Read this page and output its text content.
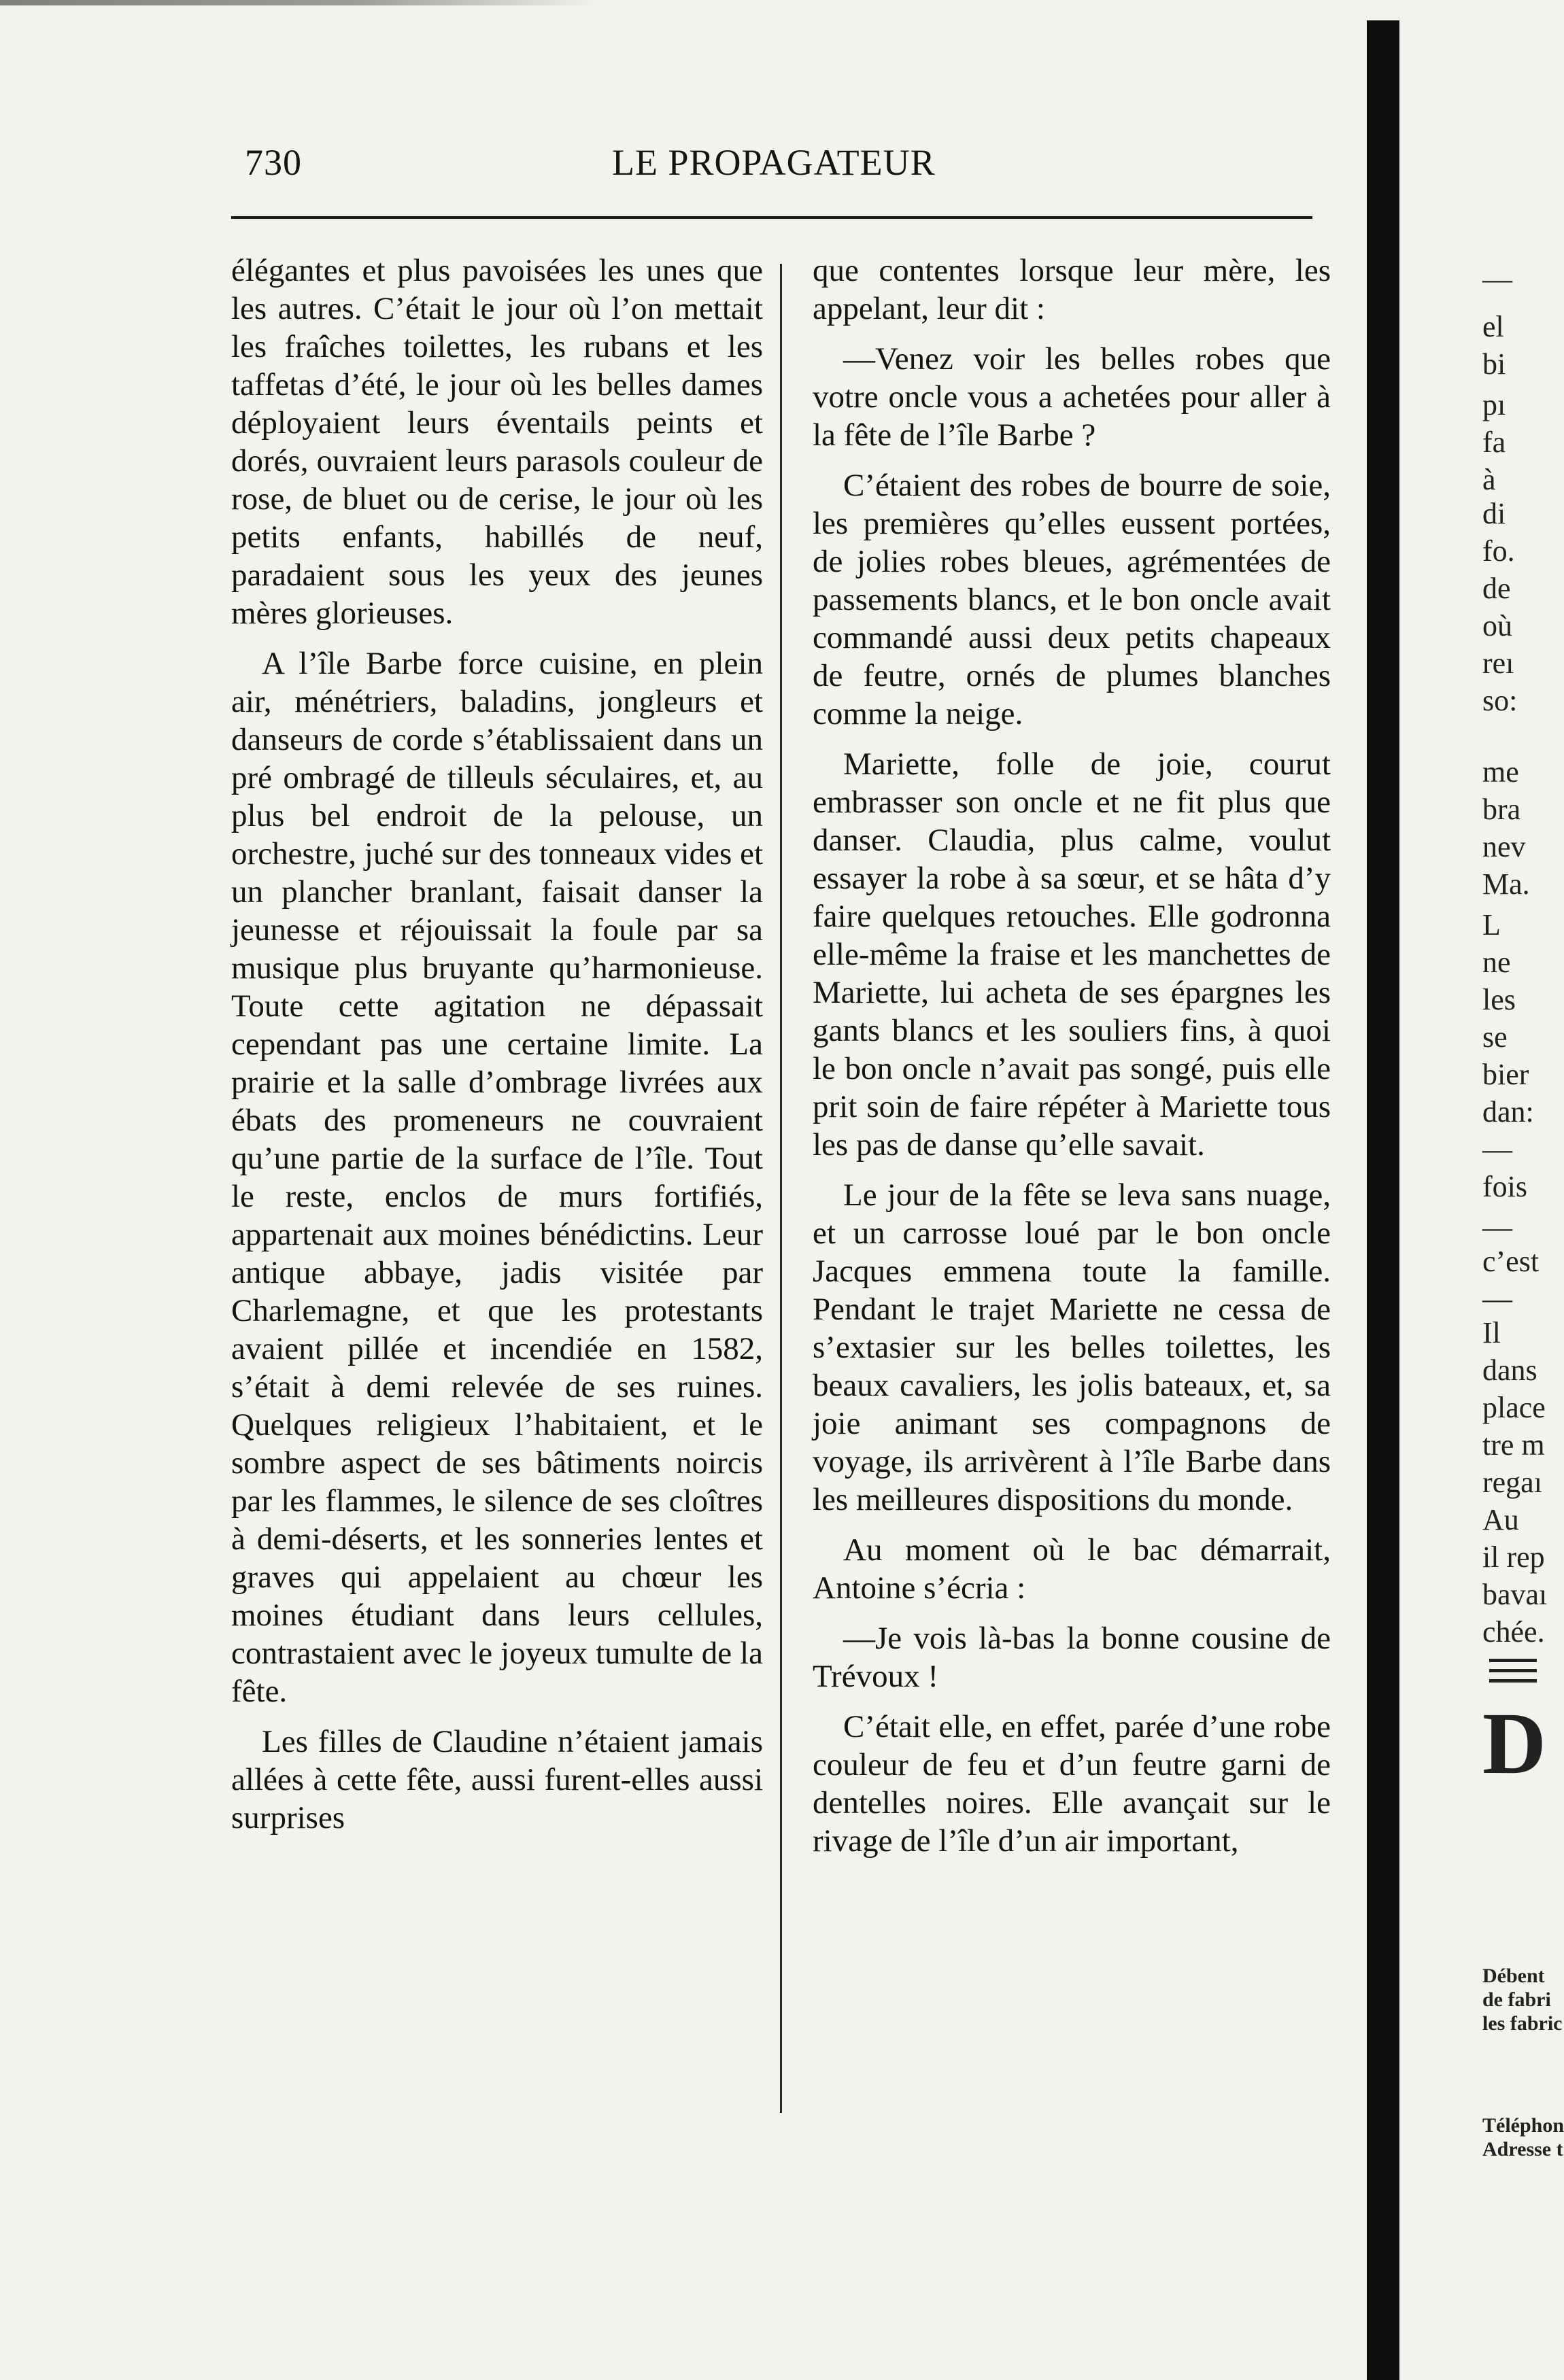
730	LE PROPAGATEUR

élégantes et plus pavoisées les unes que les autres. C’était le jour où l’on mettait les fraîches toilettes, les rubans et les taffetas d’été, le jour où les belles dames déployaient leurs éventails peints et dorés, ouvraient leurs parasols couleur de rose, de bluet ou de cerise, le jour où les petits enfants, habillés de neuf, paradaient sous les yeux des jeunes mères glorieuses.

A l’île Barbe force cuisine, en plein air, ménétriers, baladins, jongleurs et danseurs de corde s’établissaient dans un pré ombragé de tilleuls séculaires, et, au plus bel endroit de la pelouse, un orchestre, juché sur des tonneaux vides et un plancher branlant, faisait danser la jeunesse et réjouissait la foule par sa musique plus bruyante qu’harmonieuse. Toute cette agitation ne dépassait cependant pas une certaine limite. La prairie et la salle d’ombrage livrées aux ébats des promeneurs ne couvraient qu’une partie de la surface de l’île. Tout le reste, enclos de murs fortifiés, appartenait aux moines bénédictins. Leur antique abbaye, jadis visitée par Charlemagne, et que les protestants avaient pillée et incendiée en 1582, s’était à demi relevée de ses ruines. Quelques religieux l’habitaient, et le sombre aspect de ses bâtiments noircis par les flammes, le silence de ses cloîtres à demi-déserts, et les sonneries lentes et graves qui appelaient au chœur les moines étudiant dans leurs cellules, contrastaient avec le joyeux tumulte de la fête.

Les filles de Claudine n’étaient jamais allées à cette fête, aussi furent-elles aussi surprises

que contentes lorsque leur mère, les appelant, leur dit :

—Venez voir les belles robes que votre oncle vous a achetées pour aller à la fête de l’île Barbe ?

C’étaient des robes de bourre de soie, les premières qu’elles eussent portées, de jolies robes bleues, agrémentées de passements blancs, et le bon oncle avait commandé aussi deux petits chapeaux de feutre, ornés de plumes blanches comme la neige.

Mariette, folle de joie, courut embrasser son oncle et ne fit plus que danser. Claudia, plus calme, voulut essayer la robe à sa sœur, et se hâta d’y faire quelques retouches. Elle godronna elle-même la fraise et les manchettes de Mariette, lui acheta de ses épargnes les gants blancs et les souliers fins, à quoi le bon oncle n’avait pas songé, puis elle prit soin de faire répéter à Mariette tous les pas de danse qu’elle savait.

Le jour de la fête se leva sans nuage, et un carrosse loué par le bon oncle Jacques emmena toute la famille. Pendant le trajet Mariette ne cessa de s’extasier sur les belles toilettes, les beaux cavaliers, les jolis bateaux, et, sa joie animant ses compagnons de voyage, ils arrivèrent à l’île Barbe dans les meilleures dispositions du monde.

Au moment où le bac démarrait, Antoine s’écria :

—Je vois là-bas la bonne cousine de Trévoux !

C’était elle, en effet, parée d’une robe couleur de feu et d’un feutre garni de dentelles noires. Elle avançait sur le rivage de l’île d’un air important,

—
el
bi
pı
fa
à
di
fo.
de
où
reı
so:
me
bra
nev
Ma.
L
ne
les
se
bier
dan:
—
fois
—
c’est
—
Il
dans
place
tre m
regaı
Au
il rep
bavaı
chée.
D
Débent
de fabri
les fabric
Téléphon
Adresse t
